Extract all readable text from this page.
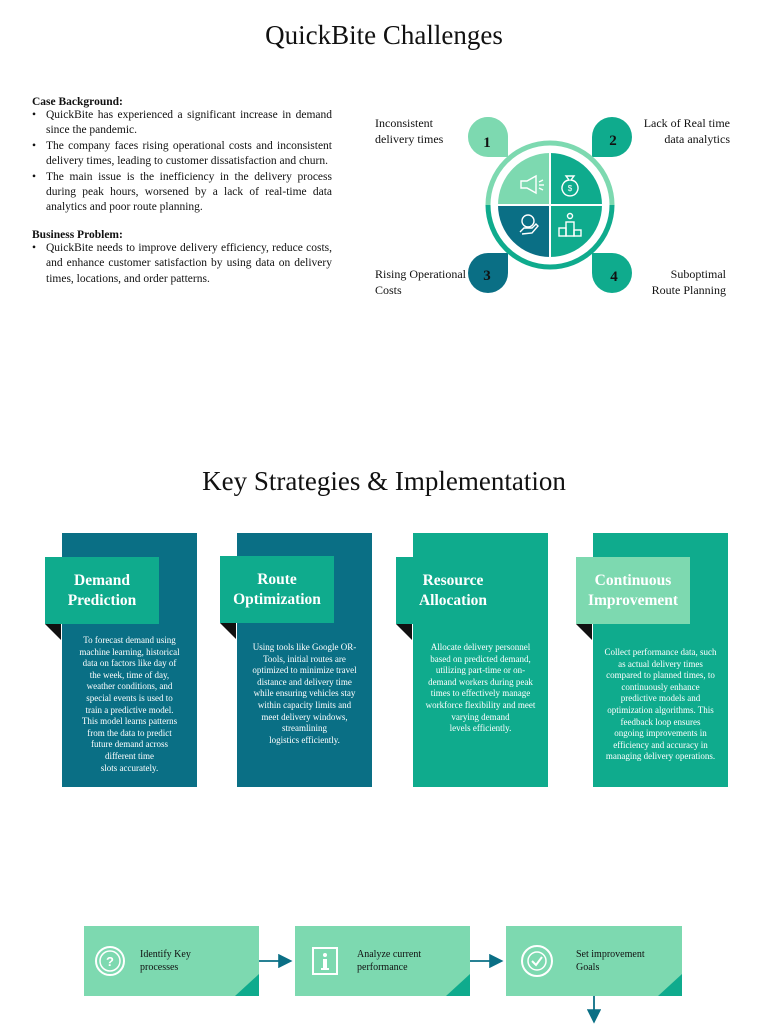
QuickBite Challenges
Case Background:
• QuickBite has experienced a significant increase in demand since the pandemic.
• The company faces rising operational costs and inconsistent delivery times, leading to customer dissatisfaction and churn.
• The main issue is the inefficiency in the delivery process during peak hours, worsened by a lack of real-time data analytics and poor route planning.
Business Problem:
• QuickBite needs to improve delivery efficiency, reduce costs, and enhance customer satisfaction by using data on delivery times, locations, and order patterns.
Inconsistent
delivery times
Lack of Real time
data analytics
Rising Operational
Costs
Suboptimal
Route Planning
$
1	2
3	4
Key Strategies & Implementation
Demand
Prediction
To forecast demand using
machine learning, historical
data on factors like day of
the week, time of day,
weather conditions, and
special events is used to
train a predictive model.
This model learns patterns
from the data to predict
future demand across
different time
slots accurately.
Route
Optimization
Using tools like Google OR-
Tools, initial routes are
optimized to minimize travel
distance and delivery time
while ensuring vehicles stay
within capacity limits and
meet delivery windows,
streamlining
logistics efficiently.
Resource
Allocation
Allocate delivery personnel
based on predicted demand,
utilizing part-time or on-
demand workers during peak
times to effectively manage
workforce flexibility and meet
varying demand
levels efficiently.
Continuous
Improvement
Collect performance data, such
as actual delivery times
compared to planned times, to
continuously enhance
predictive models and
optimization algorithms. This
feedback loop ensures
ongoing improvements in
efficiency and accuracy in
managing delivery operations.
?	Identify Key
processes
Analyze current
performance
Set improvement
Goals
